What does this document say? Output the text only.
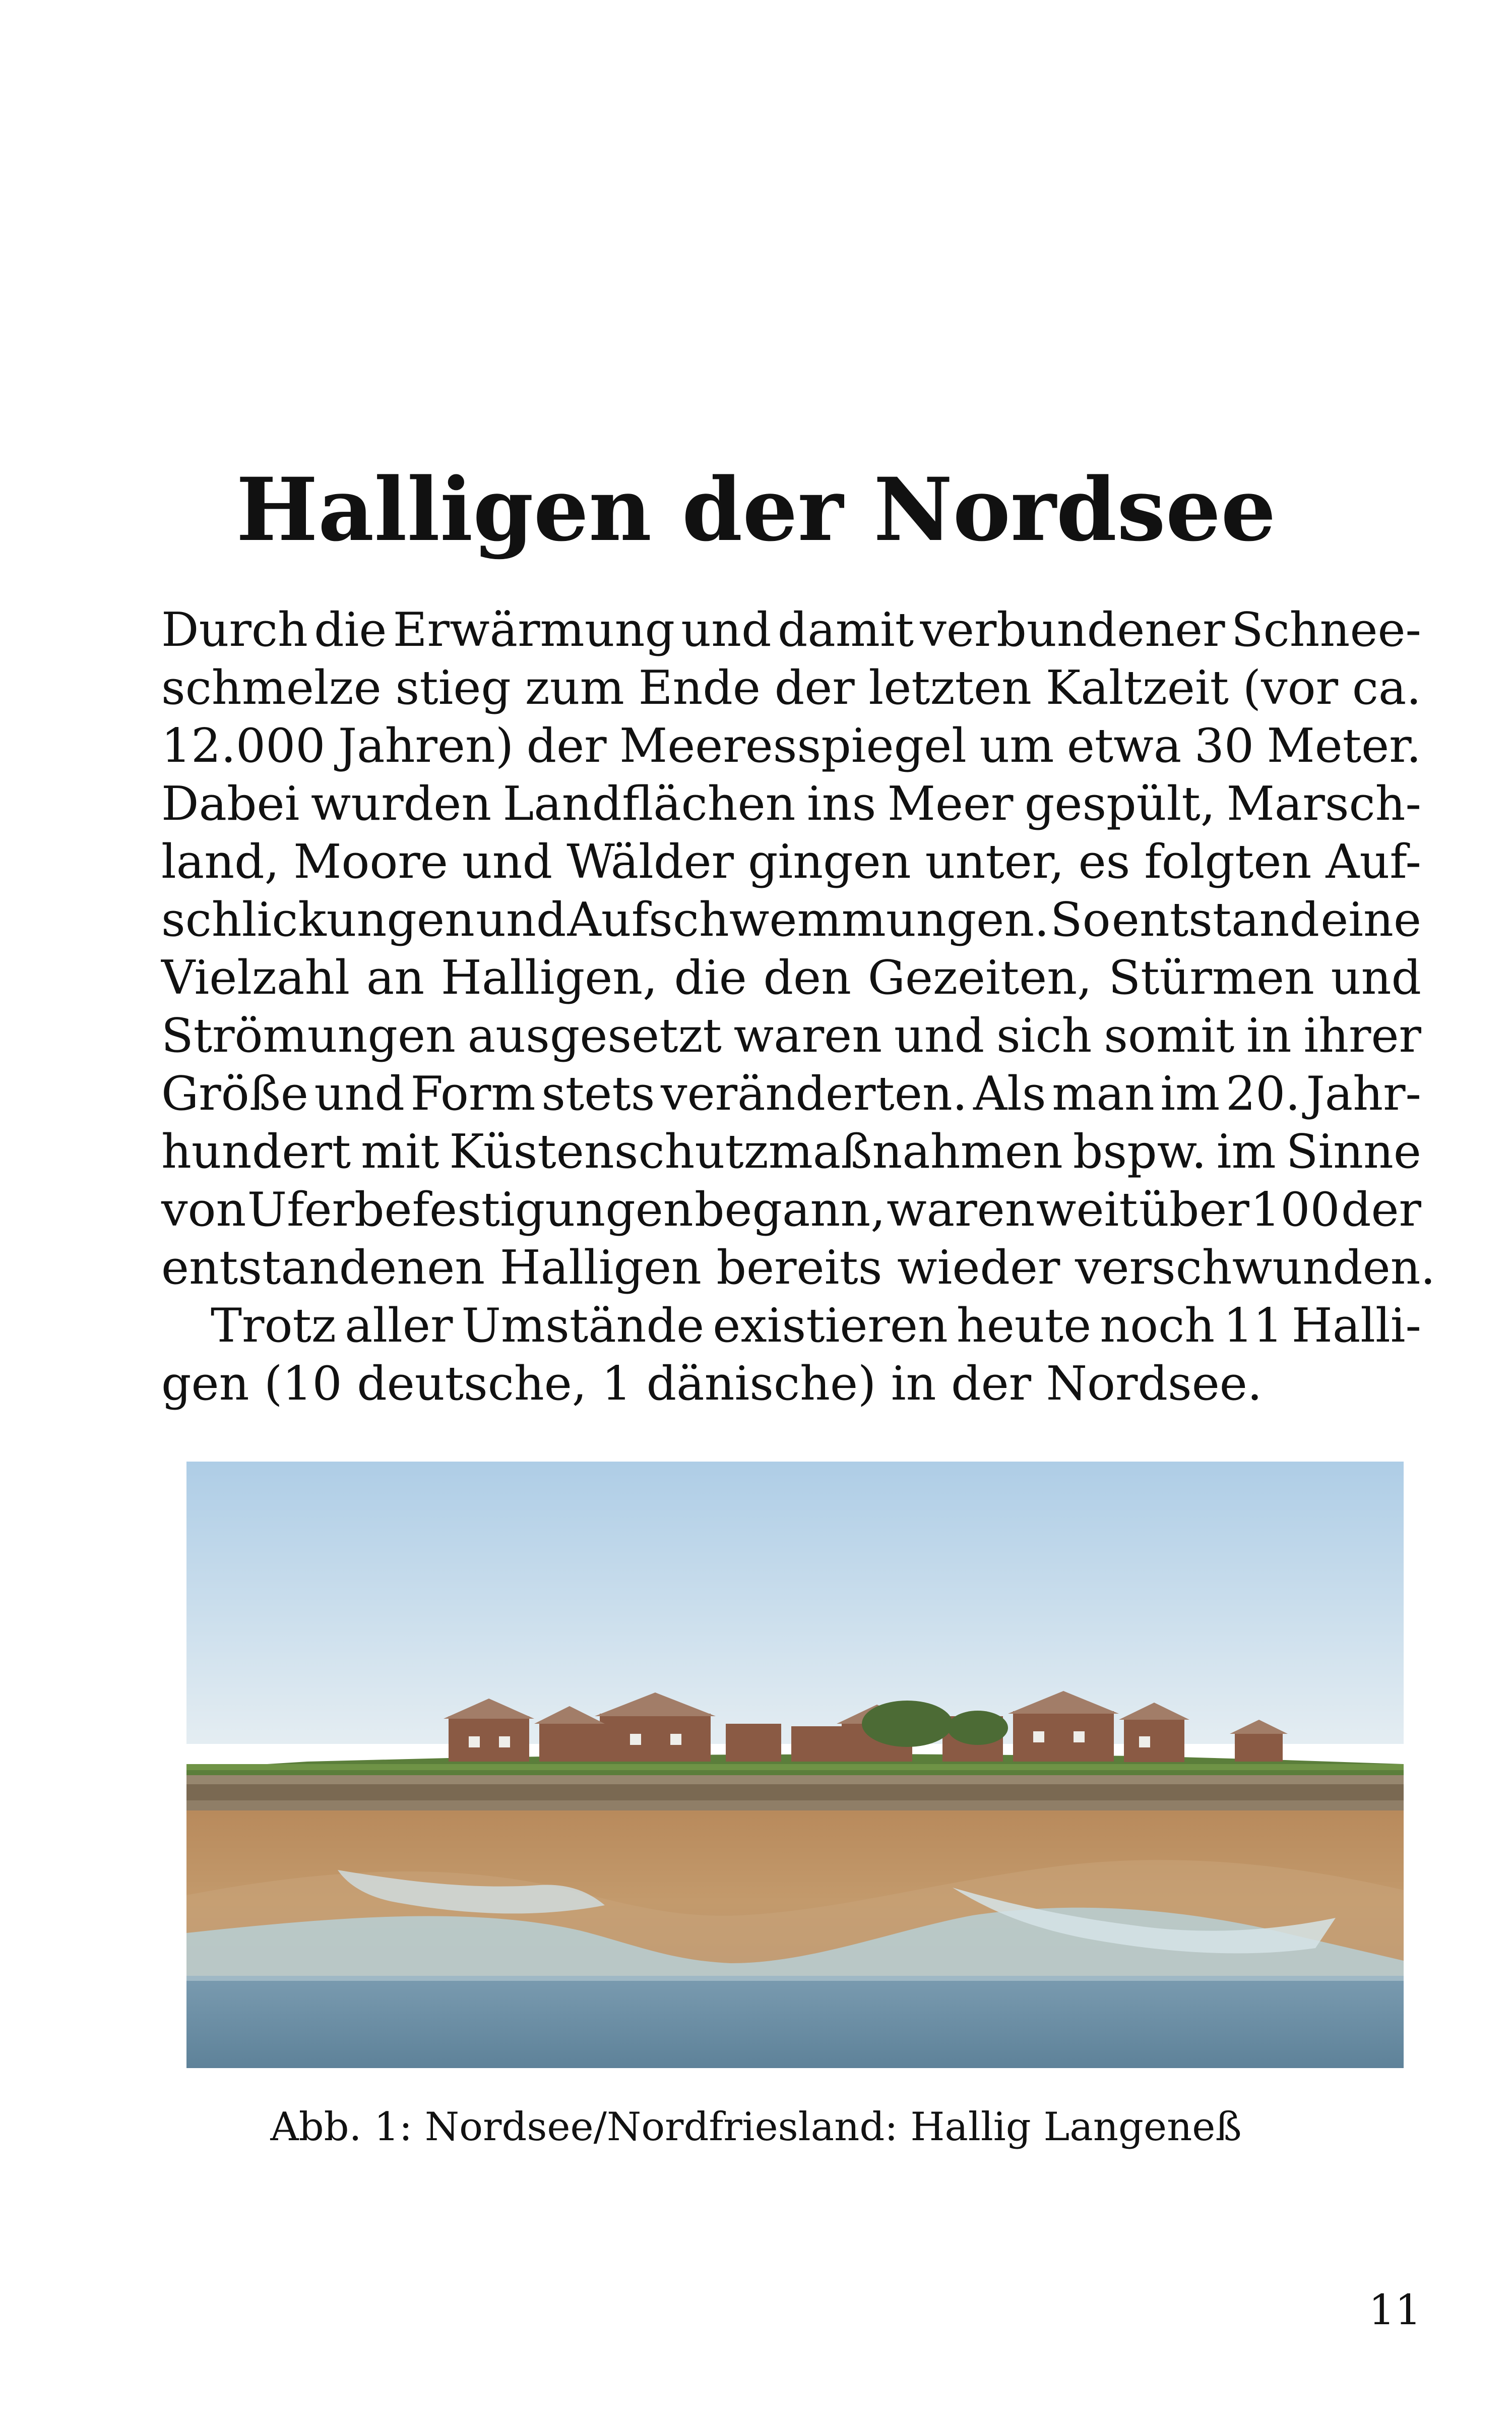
Halligen der Nordsee
Durch die Erwärmung und damit verbundener Schnee-
schmelze stieg zum Ende der letzten Kaltzeit (vor ca.
12.000 Jahren) der Meeresspiegel um etwa 30 Meter.
Dabei wurden Landflächen ins Meer gespült, Marsch-
land, Moore und Wälder gingen unter, es folgten Auf-
schlickungen und Aufschwemmungen. So entstand eine
Vielzahl an Halligen, die den Gezeiten, Stürmen und
Strömungen ausgesetzt waren und sich somit in ihrer
Größe und Form stets veränderten. Als man im 20. Jahr-
hundert mit Küstenschutzmaßnahmen bspw. im Sinne
von Uferbefestigungen begann, waren weit über 100 der
entstandenen Halligen bereits wieder verschwunden.
Trotz aller Umstände existieren heute noch 11 Halli-
gen (10 deutsche, 1 dänische) in der Nordsee.
Abb. 1: Nordsee/Nordfriesland: Hallig Langeneß
11
